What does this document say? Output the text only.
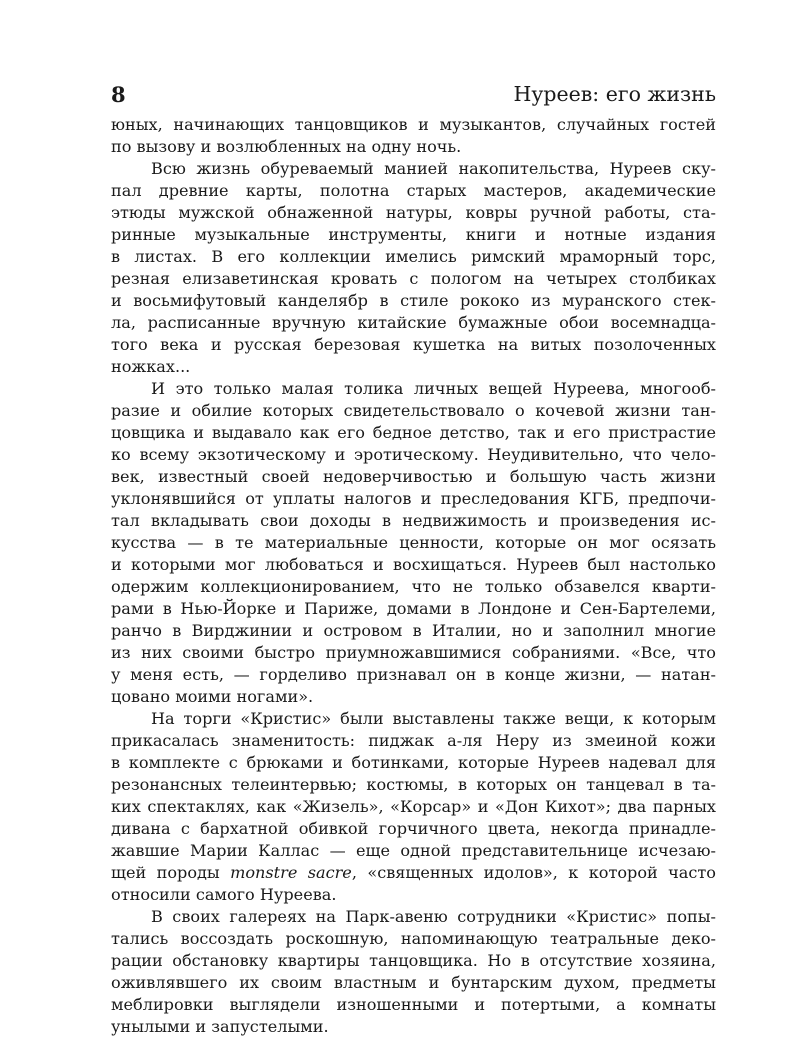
8	Нуреев: его жизнь
юных, начинающих танцовщиков и музыкантов, случайных гостей
по вызову и возлюбленных на одну ночь.
Всю жизнь обуреваемый манией накопительства, Нуреев ску-
пал древние карты, полотна старых мастеров, академические
этюды мужской обнаженной натуры, ковры ручной работы, ста-
ринные музыкальные инструменты, книги и нотные издания
в листах. В его коллекции имелись римский мраморный торс,
резная елизаветинская кровать с пологом на четырех столбиках
и восьмифутовый канделябр в стиле рококо из муранского стек-
ла, расписанные вручную китайские бумажные обои восемнадца-
того века и русская березовая кушетка на витых позолоченных
ножках...
И это только малая толика личных вещей Нуреева, многооб-
разие и обилие которых свидетельствовало о кочевой жизни тан-
цовщика и выдавало как его бедное детство, так и его пристрастие
ко всему экзотическому и эротическому. Неудивительно, что чело-
век, известный своей недоверчивостью и большую часть жизни
уклонявшийся от уплаты налогов и преследования КГБ, предпочи-
тал вкладывать свои доходы в недвижимость и произведения ис-
кусства — в те материальные ценности, которые он мог осязать
и которыми мог любоваться и восхищаться. Нуреев был настолько
одержим коллекционированием, что не только обзавелся кварти-
рами в Нью-Йорке и Париже, домами в Лондоне и Сен-Бартелеми,
ранчо в Вирджинии и островом в Италии, но и заполнил многие
из них своими быстро приумножавшимися собраниями. «Все, что
у меня есть, — горделиво признавал он в конце жизни, — натан-
цовано моими ногами».
На торги «Кристис» были выставлены также вещи, к которым
прикасалась знаменитость: пиджак а-ля Неру из змеиной кожи
в комплекте с брюками и ботинками, которые Нуреев надевал для
резонансных телеинтервью; костюмы, в которых он танцевал в та-
ких спектаклях, как «Жизель», «Корсар» и «Дон Кихот»; два парных
дивана с бархатной обивкой горчичного цвета, некогда принадле-
жавшие Марии Каллас — еще одной представительнице исчезаю-
щей породы monstre sacre, «священных идолов», к которой часто
относили самого Нуреева.
В своих галереях на Парк-авеню сотрудники «Кристис» попы-
тались воссоздать роскошную, напоминающую театральные деко-
рации обстановку квартиры танцовщика. Но в отсутствие хозяина,
оживлявшего их своим властным и бунтарским духом, предметы
меблировки выглядели изношенными и потертыми, а комнаты
унылыми и запустелыми.
